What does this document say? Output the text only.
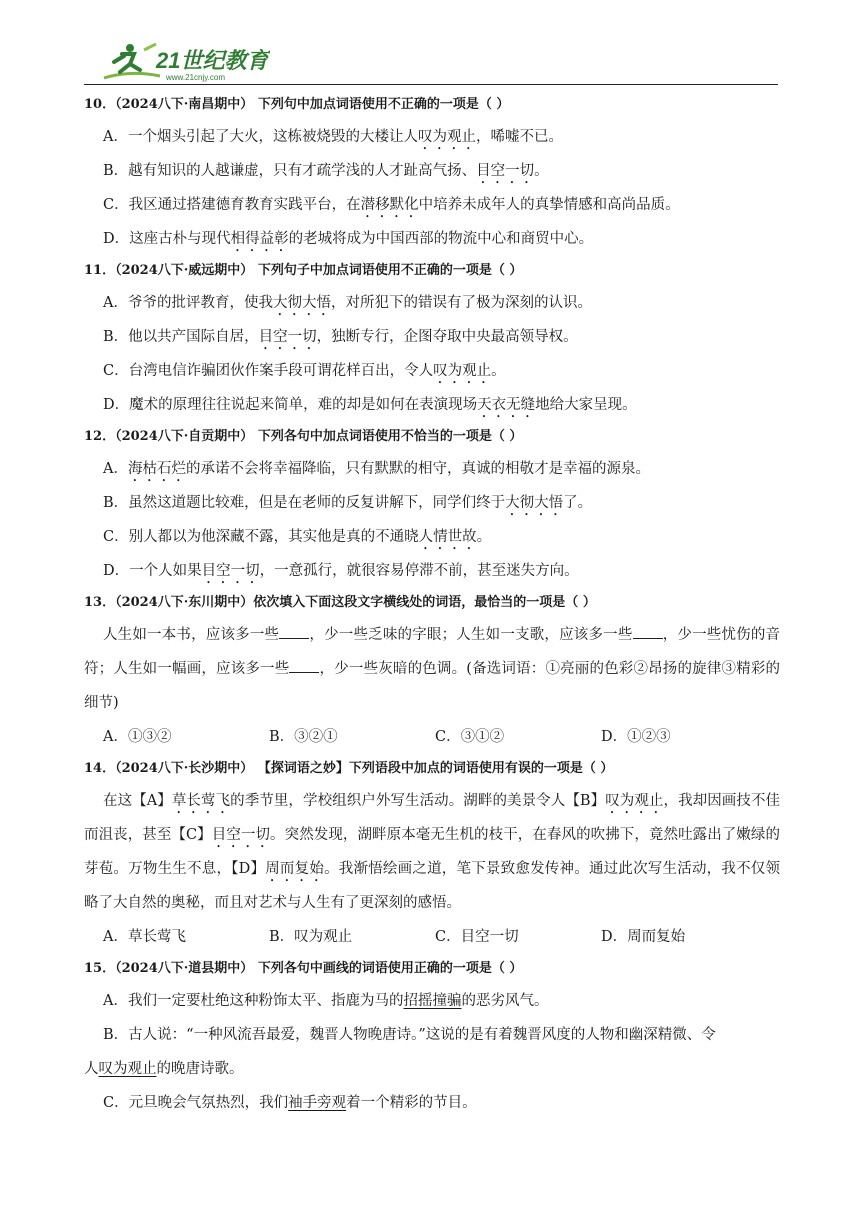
21世纪教育
www.21cnjy.com
10．（2024八下·南昌期中） 下列句中加点词语使用不正确的一项是（ ）
A．一个烟头引起了大火，这栋被烧毁的大楼让人叹为观止，唏嘘不已。
B．越有知识的人越谦虚，只有才疏学浅的人才趾高气扬、目空一切。
C．我区通过搭建德育教育实践平台，在潜移默化中培养未成年人的真挚情感和高尚品质。
D．这座古朴与现代相得益彰的老城将成为中国西部的物流中心和商贸中心。
11．（2024八下·威远期中） 下列句子中加点词语使用不正确的一项是（ ）
A．爷爷的批评教育，使我大彻大悟，对所犯下的错误有了极为深刻的认识。
B．他以共产国际自居，目空一切，独断专行，企图夺取中央最高领导权。
C．台湾电信诈骗团伙作案手段可谓花样百出，令人叹为观止。
D．魔术的原理往往说起来简单，难的却是如何在表演现场天衣无缝地给大家呈现。
12．（2024八下·自贡期中） 下列各句中加点词语使用不恰当的一项是（ ）
A．海枯石烂的承诺不会将幸福降临，只有默默的相守，真诚的相敬才是幸福的源泉。
B．虽然这道题比较难，但是在老师的反复讲解下，同学们终于大彻大悟了。
C．别人都以为他深藏不露，其实他是真的不通晓人情世故。
D．一个人如果目空一切，一意孤行，就很容易停滞不前，甚至迷失方向。
13．（2024八下·东川期中）依次填入下面这段文字横线处的词语，最恰当的一项是（ ）
人生如一本书，应该多一些 ，少一些乏味的字眼；人生如一支歌，应该多一些 ，少一些忧伤的音符；人生如一幅画，应该多一些 ，少一些灰暗的色调。(备选词语：①亮丽的色彩②昂扬的旋律③精彩的细节)
A．①③②	B．③②①	C．③①②	D．①②③
14．（2024八下·长沙期中） 【探词语之妙】下列语段中加点的词语使用有误的一项是（ ）
在这【A】草长莺飞的季节里，学校组织户外写生活动。湖畔的美景令人【B】叹为观止，我却因画技不佳而沮丧，甚至【C】目空一切。突然发现，湖畔原本毫无生机的枝干，在春风的吹拂下，竟然吐露出了嫩绿的芽苞。万物生生不息，【D】周而复始。我渐悟绘画之道，笔下景致愈发传神。通过此次写生活动，我不仅领略了大自然的奥秘，而且对艺术与人生有了更深刻的感悟。
A．草长莺飞	B．叹为观止	C．目空一切	D．周而复始
15．（2024八下·道县期中） 下列各句中画线的词语使用正确的一项是（ ）
A．我们一定要杜绝这种粉饰太平、指鹿为马的招摇撞骗的恶劣风气。
B．古人说：“一种风流吾最爱，魏晋人物晚唐诗。”这说的是有着魏晋风度的人物和幽深精微、令
人叹为观止的晚唐诗歌。
C．元旦晚会气氛热烈，我们袖手旁观着一个精彩的节目。
